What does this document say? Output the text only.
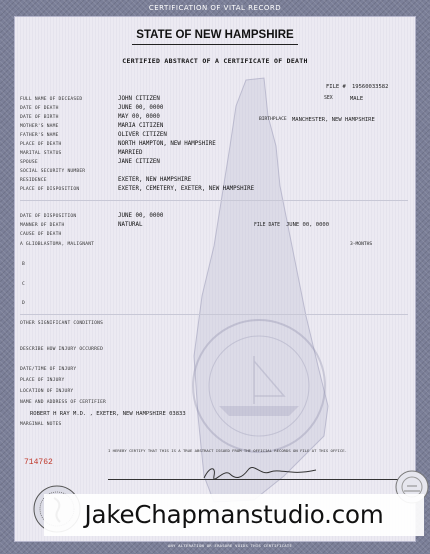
CERTIFICATION OF VITAL RECORD
STATE OF NEW HAMPSHIRE
CERTIFIED ABSTRACT OF A CERTIFICATE OF DEATH
FILE # 19560033582
SEX	MALE
BIRTHPLACE MANCHESTER, NEW HAMPSHIRE
FULL NAME OF DECEASED	JOHN CITIZEN
DATE OF DEATH	JUNE 00, 0000
DATE OF BIRTH	MAY 00, 0000
MOTHER'S NAME	MARIA CITIZEN
FATHER'S NAME	OLIVER CITIZEN
PLACE OF DEATH	NORTH HAMPTON, NEW HAMPSHIRE
MARITAL STATUS	MARRIED
SPOUSE	JANE CITIZEN
SOCIAL SECURITY NUMBER
RESIDENCE	EXETER, NEW HAMPSHIRE
PLACE OF DISPOSITION	EXETER, CEMETERY, EXETER, NEW HAMPSHIRE
DATE OF DISPOSITION	JUNE 00, 0000
MANNER OF DEATH	NATURAL	FILE DATE JUNE 00, 0000
CAUSE OF DEATH
A GLIOBLASTOMA, MALIGNANT	3-MONTHS
B
C
D
OTHER SIGNIFICANT CONDITIONS
DESCRIBE HOW INJURY OCCURRED
DATE/TIME OF INJURY
PLACE OF INJURY
LOCATION OF INJURY
NAME AND ADDRESS OF CERTIFIER
ROBERT H RAY M.D. , EXETER, NEW HAMPSHIRE 03833
MARGINAL NOTES
714762
I HEREBY CERTIFY THAT THIS IS A TRUE ABSTRACT ISSUED FROM THE OFFICIAL RECORDS ON FILE AT THIS OFFICE.
JakeChapmanstudio.com
ANY ALTERATION OR ERASURE VOIDS THIS CERTIFICATE
